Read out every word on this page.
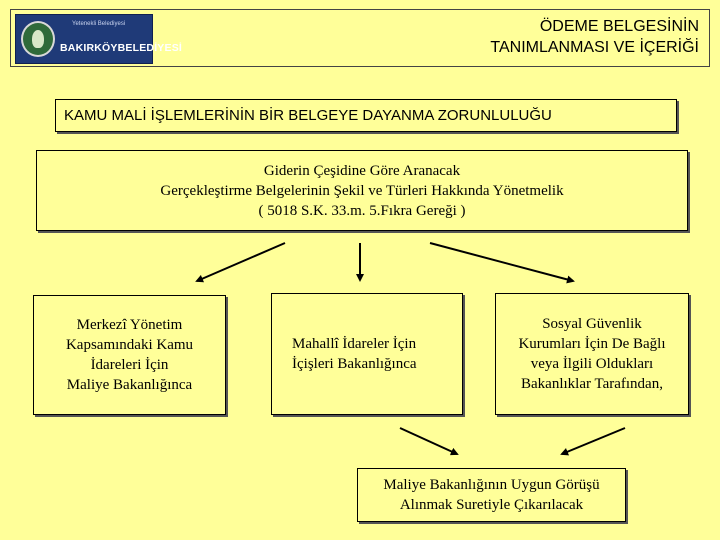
Yetenekli Belediyesi
BAKIRKÖYBELEDİYESİ
ÖDEME BELGESİNİN
TANIMLANMASI VE İÇERİĞİ
KAMU MALİ İŞLEMLERİNİN BİR BELGEYE DAYANMA ZORUNLULUĞU
Giderin Çeşidine Göre Aranacak
Gerçekleştirme Belgelerinin Şekil ve Türleri Hakkında Yönetmelik
( 5018 S.K. 33.m. 5.Fıkra Gereği )
Merkezî Yönetim
Kapsamındaki Kamu
İdareleri İçin
Maliye Bakanlığınca
Mahallî İdareler İçin
İçişleri Bakanlığınca
Sosyal Güvenlik
Kurumları İçin De Bağlı
veya İlgili Oldukları
Bakanlıklar Tarafından,
Maliye Bakanlığının Uygun Görüşü
Alınmak Suretiyle Çıkarılacak
